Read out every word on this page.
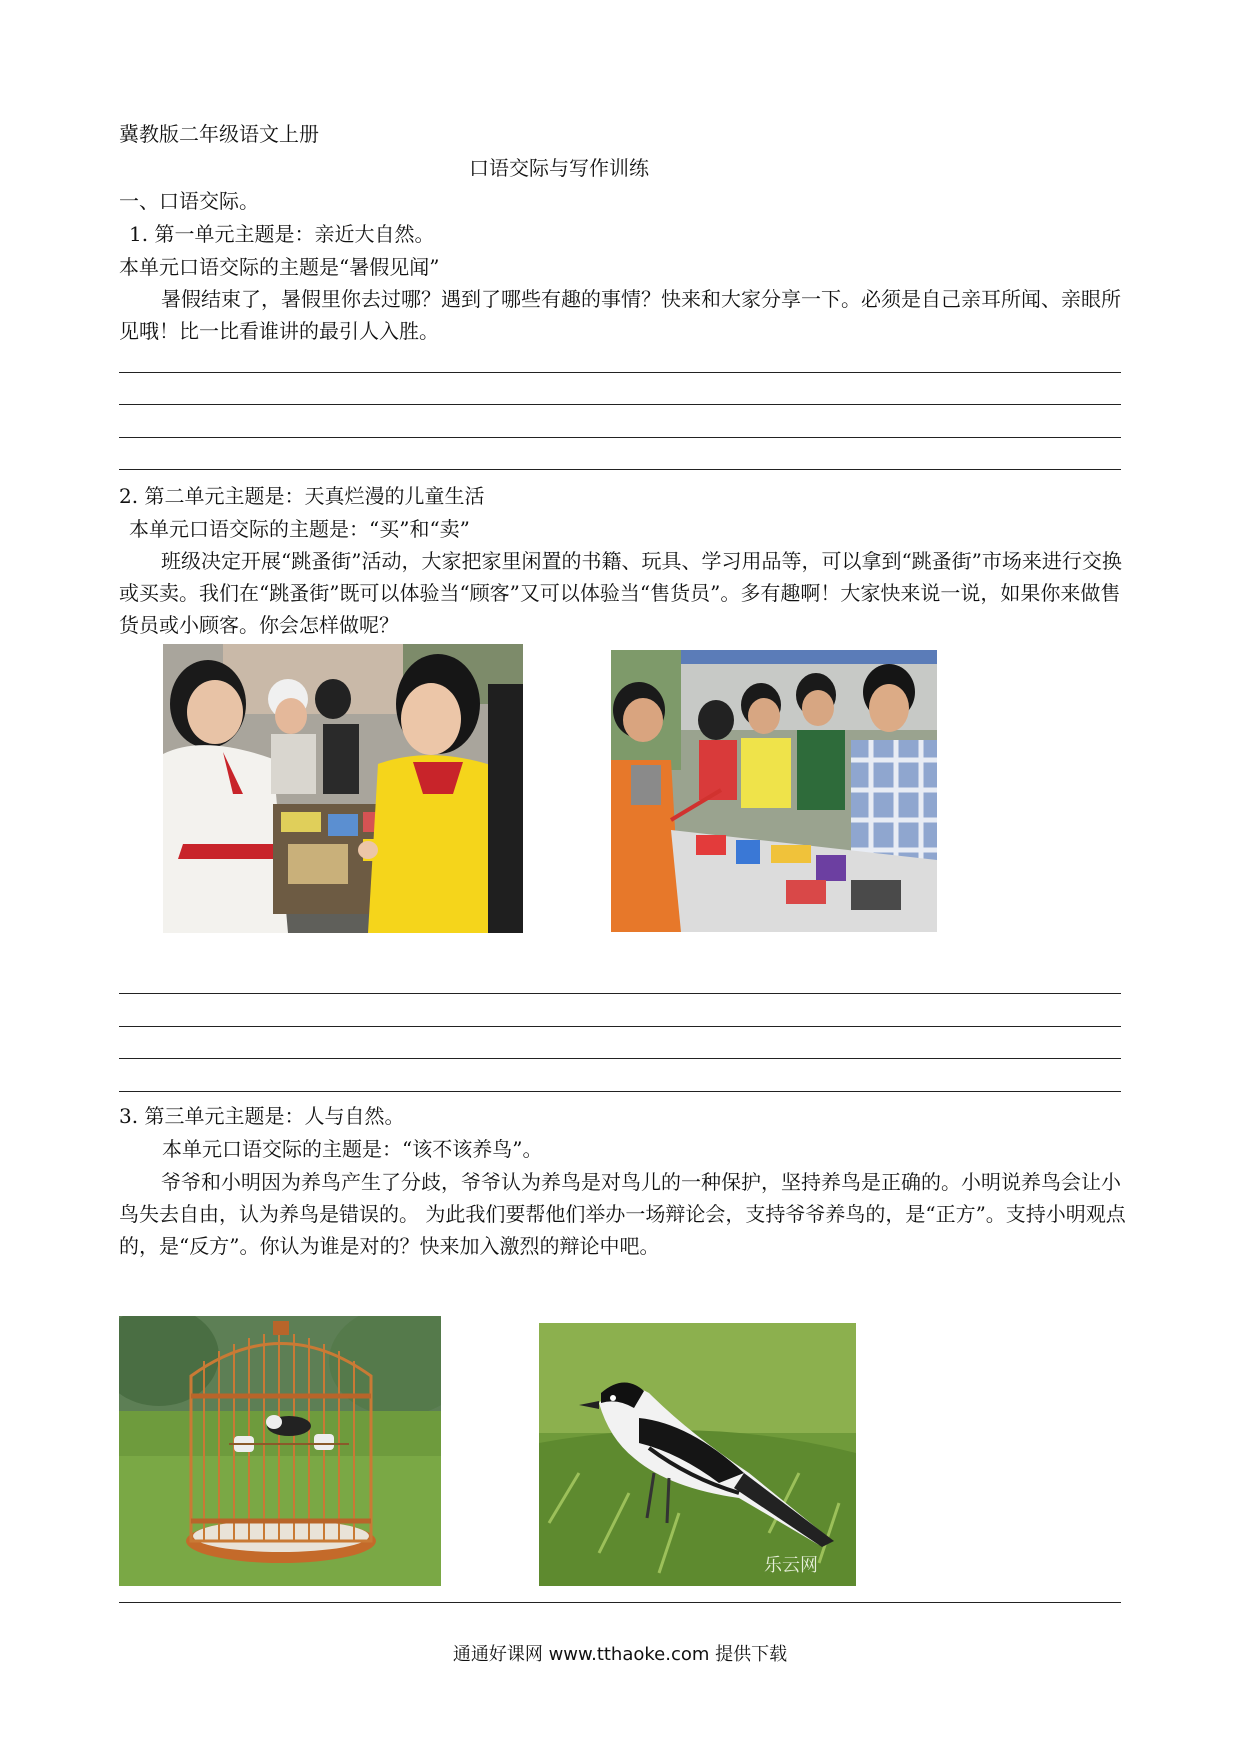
冀教版二年级语文上册
口语交际与写作训练
一、口语交际。
1. 第一单元主题是：亲近大自然。
本单元口语交际的主题是“暑假见闻”
暑假结束了，暑假里你去过哪？遇到了哪些有趣的事情？快来和大家分享一下。必须是自己亲耳所闻、亲眼所见哦！比一比看谁讲的最引人入胜。
2. 第二单元主题是：天真烂漫的儿童生活
本单元口语交际的主题是：“买”和“卖”
班级决定开展“跳蚤街”活动，大家把家里闲置的书籍、玩具、学习用品等，可以拿到“跳蚤街”市场来进行交换或买卖。我们在“跳蚤街”既可以体验当“顾客”又可以体验当“售货员”。多有趣啊！大家快来说一说，如果你来做售货员或小顾客。你会怎样做呢？
3. 第三单元主题是：人与自然。
本单元口语交际的主题是：“该不该养鸟”。
爷爷和小明因为养鸟产生了分歧，爷爷认为养鸟是对鸟儿的一种保护，坚持养鸟是正确的。小明说养鸟会让小鸟失去自由，认为养鸟是错误的。 为此我们要帮他们举办一场辩论会，支持爷爷养鸟的，是“正方”。支持小明观点的，是“反方”。你认为谁是对的？快来加入激烈的辩论中吧。
乐云网
通通好课网 www.tthaoke.com 提供下载
